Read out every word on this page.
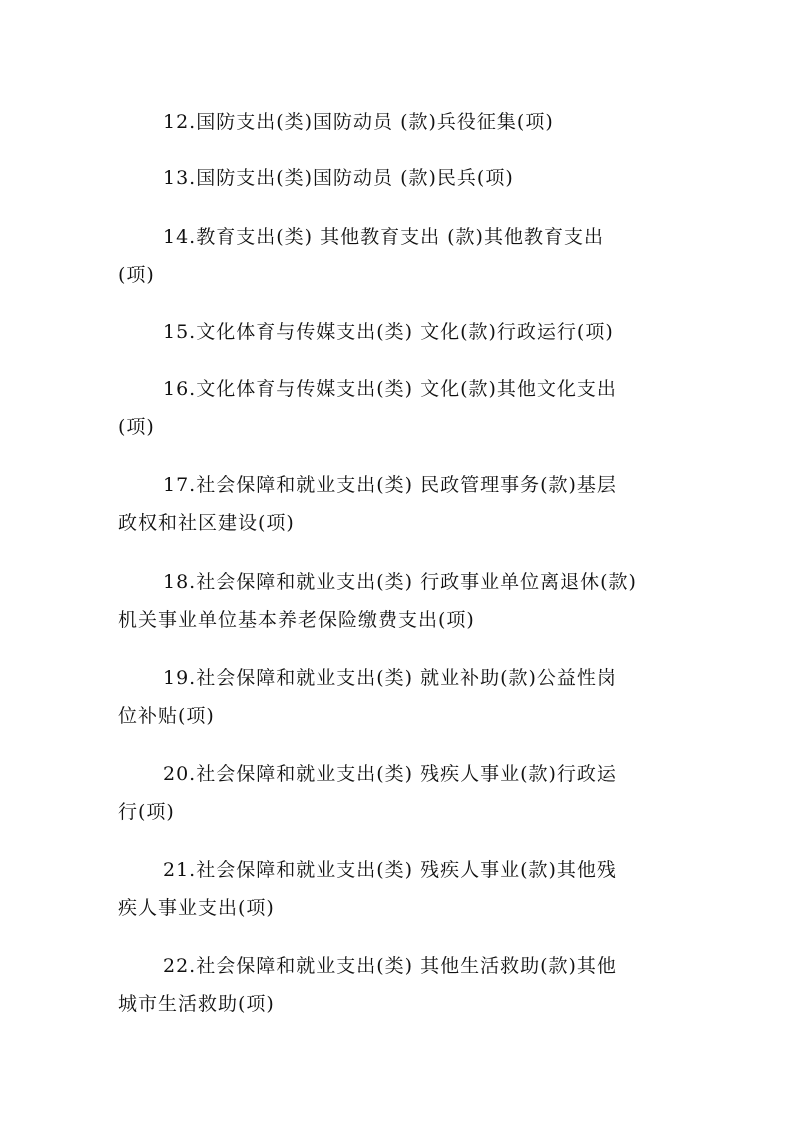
12.国防支出(类)国防动员 (款)兵役征集(项)

13.国防支出(类)国防动员 (款)民兵(项)

14.教育支出(类) 其他教育支出 (款)其他教育支出
(项)

15.文化体育与传媒支出(类) 文化(款)行政运行(项)

16.文化体育与传媒支出(类) 文化(款)其他文化支出
(项)

17.社会保障和就业支出(类) 民政管理事务(款)基层
政权和社区建设(项)

18.社会保障和就业支出(类) 行政事业单位离退休(款)
机关事业单位基本养老保险缴费支出(项)

19.社会保障和就业支出(类) 就业补助(款)公益性岗
位补贴(项)

20.社会保障和就业支出(类) 残疾人事业(款)行政运
行(项)

21.社会保障和就业支出(类) 残疾人事业(款)其他残
疾人事业支出(项)

22.社会保障和就业支出(类) 其他生活救助(款)其他
城市生活救助(项)
